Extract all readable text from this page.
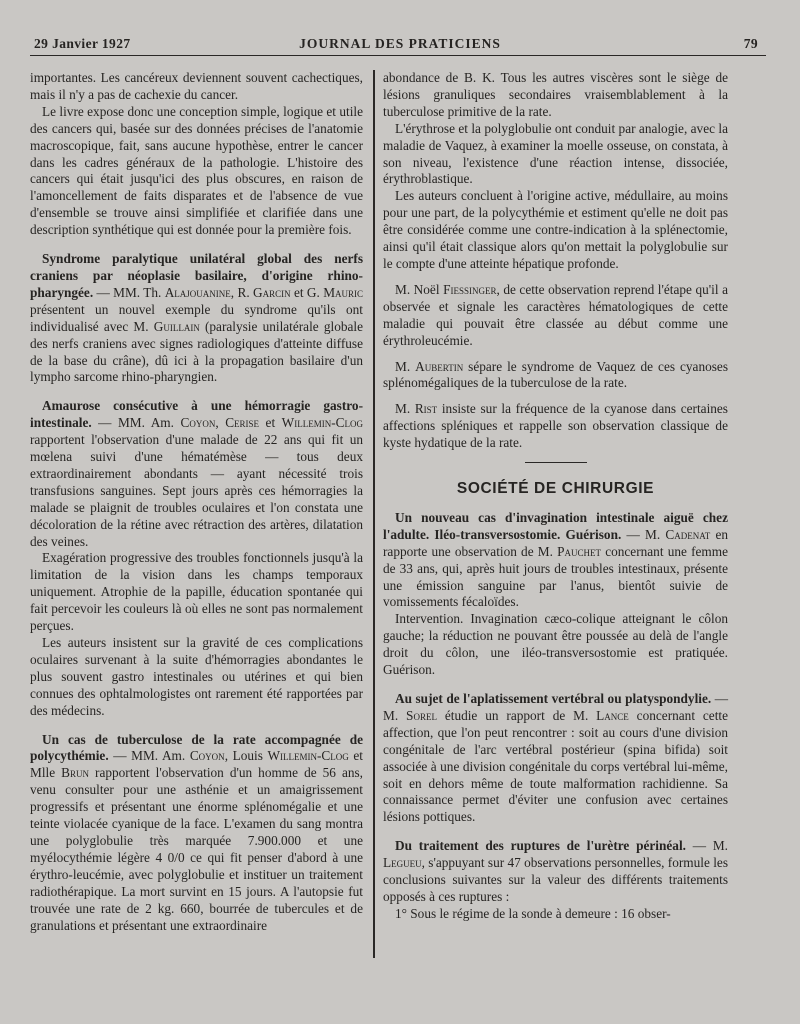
29 Janvier 1927	JOURNAL DES PRATICIENS	79

importantes. Les cancéreux deviennent souvent cachectiques, mais il n'y a pas de cachexie du cancer.

Le livre expose donc une conception simple, logique et utile des cancers qui, basée sur des données précises de l'anatomie macroscopique, fait, sans aucune hypothèse, entrer le cancer dans les cadres généraux de la pathologie. L'histoire des cancers qui était jusqu'ici des plus obscures, en raison de l'amoncellement de faits disparates et de l'absence de vue d'ensemble se trouve ainsi simplifiée et clarifiée dans une description synthétique qui est donnée pour la première fois.

Syndrome paralytique unilatéral global des nerfs craniens par néoplasie basilaire, d'origine rhino-pharyngée. — MM. Th. Alajouanine, R. Garcin et G. Mauric présentent un nouvel exemple du syndrome qu'ils ont individualisé avec M. Guillain (paralysie unilatérale globale des nerfs craniens avec signes radiologiques d'atteinte diffuse de la base du crâne), dû ici à la propagation basilaire d'un lympho sarcome rhino-pharyngien.

Amaurose consécutive à une hémorragie gastro-intestinale. — MM. Am. Coyon, Cerise et Willemin-Clog rapportent l'observation d'une malade de 22 ans qui fit un mœlena suivi d'une hématémèse — tous deux extraordinairement abondants — ayant nécessité trois transfusions sanguines. Sept jours après ces hémorragies la malade se plaignit de troubles oculaires et l'on constata une décoloration de la rétine avec rétraction des artères, dilatation des veines.

Exagération progressive des troubles fonctionnels jusqu'à la limitation de la vision dans les champs temporaux uniquement. Atrophie de la papille, éducation spontanée qui fait percevoir les couleurs là où elles ne sont pas normalement perçues.

Les auteurs insistent sur la gravité de ces complications oculaires survenant à la suite d'hémorragies abondantes le plus souvent gastro intestinales ou utérines et qui bien connues des ophtalmologistes ont rarement été rapportées par des médecins.

Un cas de tuberculose de la rate accompagnée de polycythémie. — MM. Am. Coyon, Louis Willemin-Clog et Mlle Brun rapportent l'observation d'un homme de 56 ans, venu consulter pour une asthénie et un amaigrissement progressifs et présentant une énorme splénomégalie et une teinte violacée cyanique de la face. L'examen du sang montra une polyglobulie très marquée 7.900.000 et une myélocythémie légère 4 0/0 ce qui fit penser d'abord à une érythro-leucémie, avec polyglobulie et instituer un traitement radiothérapique. La mort survint en 15 jours. A l'autopsie fut trouvée une rate de 2 kg. 660, bourrée de tubercules et de granulations et présentant une extraordinaire

abondance de B. K. Tous les autres viscères sont le siège de lésions granuliques secondaires vraisemblablement à la tuberculose primitive de la rate.

L'érythrose et la polyglobulie ont conduit par analogie, avec la maladie de Vaquez, à examiner la moelle osseuse, on constata, à son niveau, l'existence d'une réaction intense, dissociée, érythroblastique.

Les auteurs concluent à l'origine active, médullaire, au moins pour une part, de la polycythémie et estiment qu'elle ne doit pas être considérée comme une contre-indication à la splénectomie, ainsi qu'il était classique alors qu'on mettait la polyglobulie sur le compte d'une atteinte hépatique profonde.

M. Noël Fiessinger, de cette observation reprend l'étape qu'il a observée et signale les caractères hématologiques de cette maladie qui pouvait être classée au début comme une érythroleucémie.

M. Aubertin sépare le syndrome de Vaquez de ces cyanoses splénomégaliques de la tuberculose de la rate.

M. Rist insiste sur la fréquence de la cyanose dans certaines affections spléniques et rappelle son observation classique de kyste hydatique de la rate.

SOCIÉTÉ DE CHIRURGIE

Un nouveau cas d'invagination intestinale aiguë chez l'adulte. Iléo-transversostomie. Guérison. — M. Cadenat en rapporte une observation de M. Pauchet concernant une femme de 33 ans, qui, après huit jours de troubles intestinaux, présente une émission sanguine par l'anus, bientôt suivie de vomissements fécaloïdes.

Intervention. Invagination cæco-colique atteignant le côlon gauche; la réduction ne pouvant être poussée au delà de l'angle droit du côlon, une iléo-transversostomie est pratiquée. Guérison.

Au sujet de l'aplatissement vertébral ou platyspondylie. — M. Sorel étudie un rapport de M. Lance concernant cette affection, que l'on peut rencontrer : soit au cours d'une division congénitale de l'arc vertébral postérieur (spina bifida) soit associée à une division congénitale du corps vertébral lui-même, soit en dehors même de toute malformation rachidienne. Sa connaissance permet d'éviter une confusion avec certaines lésions pottiques.

Du traitement des ruptures de l'urètre périnéal. — M. Legueu, s'appuyant sur 47 observations personnelles, formule les conclusions suivantes sur la valeur des différents traitements opposés à ces ruptures :

1° Sous le régime de la sonde à demeure : 16 obser-
